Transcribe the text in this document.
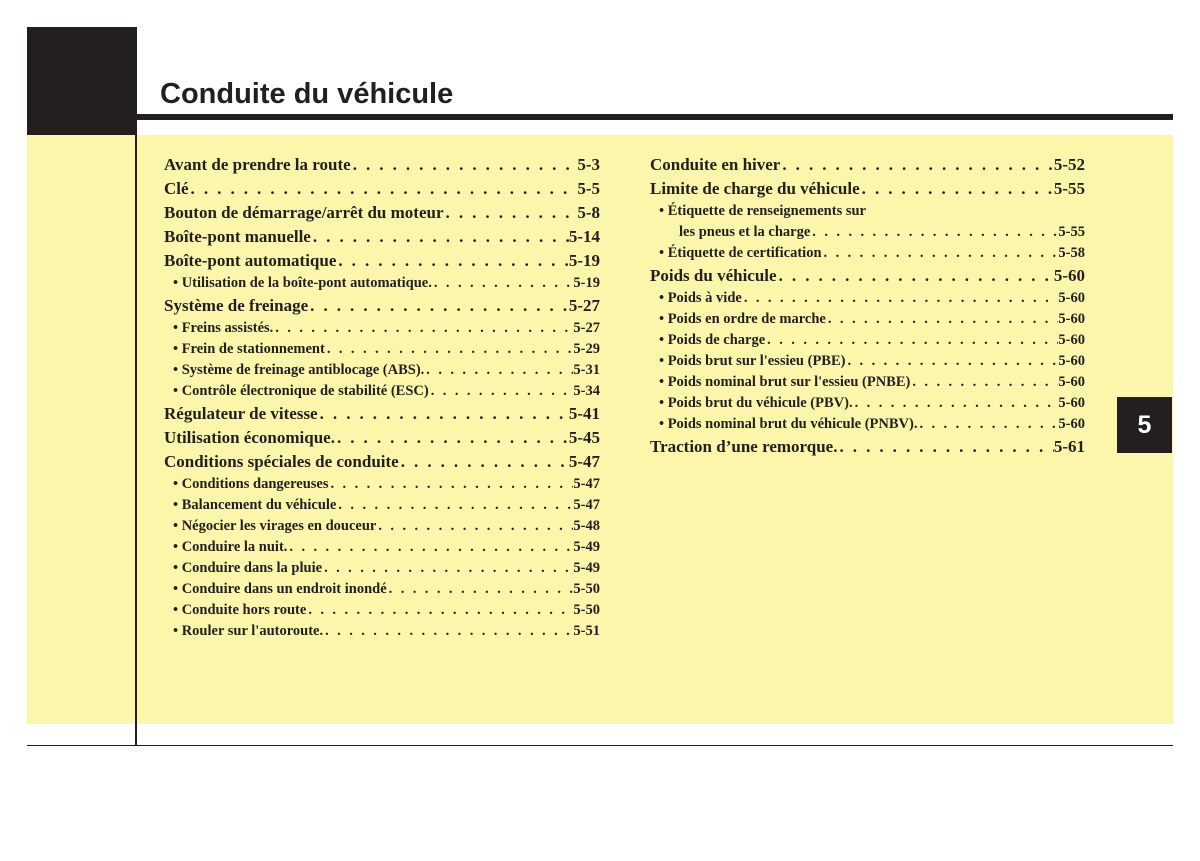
Conduite du véhicule
Avant de prendre la route . . .	5-3
Clé . . .	5-5
Bouton de démarrage/arrêt du moteur . . .	5-8
Boîte-pont manuelle . . .	5-14
Boîte-pont automatique . . .	5-19
• Utilisation de la boîte-pont automatique. . . .	5-19
Système de freinage . . .	5-27
• Freins assistés. . . .	5-27
• Frein de stationnement . . .	5-29
• Système de freinage antiblocage (ABS). . . .	5-31
• Contrôle électronique de stabilité (ESC) . . .	5-34
Régulateur de vitesse . . .	5-41
Utilisation économique. . . .	5-45
Conditions spéciales de conduite . . .	5-47
• Conditions dangereuses . . .	5-47
• Balancement du véhicule . . .	5-47
• Négocier les virages en douceur . . .	5-48
• Conduire la nuit. . . .	5-49
• Conduire dans la pluie . . .	5-49
• Conduire dans un endroit inondé . . .	5-50
• Conduite hors route . . .	5-50
• Rouler sur l'autoroute. . . .	5-51
Conduite en hiver . . .	5-52
Limite de charge du véhicule . . .	5-55
• Étiquette de renseignements sur
les pneus et la charge . . .	5-55
• Étiquette de certification . . .	5-58
Poids du véhicule . . .	5-60
• Poids à vide . . .	5-60
• Poids en ordre de marche . . .	5-60
• Poids de charge . . .	5-60
• Poids brut sur l'essieu (PBE) . . .	5-60
• Poids nominal brut sur l'essieu (PNBE) . . .	5-60
• Poids brut du véhicule (PBV). . . .	5-60
• Poids nominal brut du véhicule (PNBV). . . .	5-60
Traction d’une remorque. . . .	5-61
5
